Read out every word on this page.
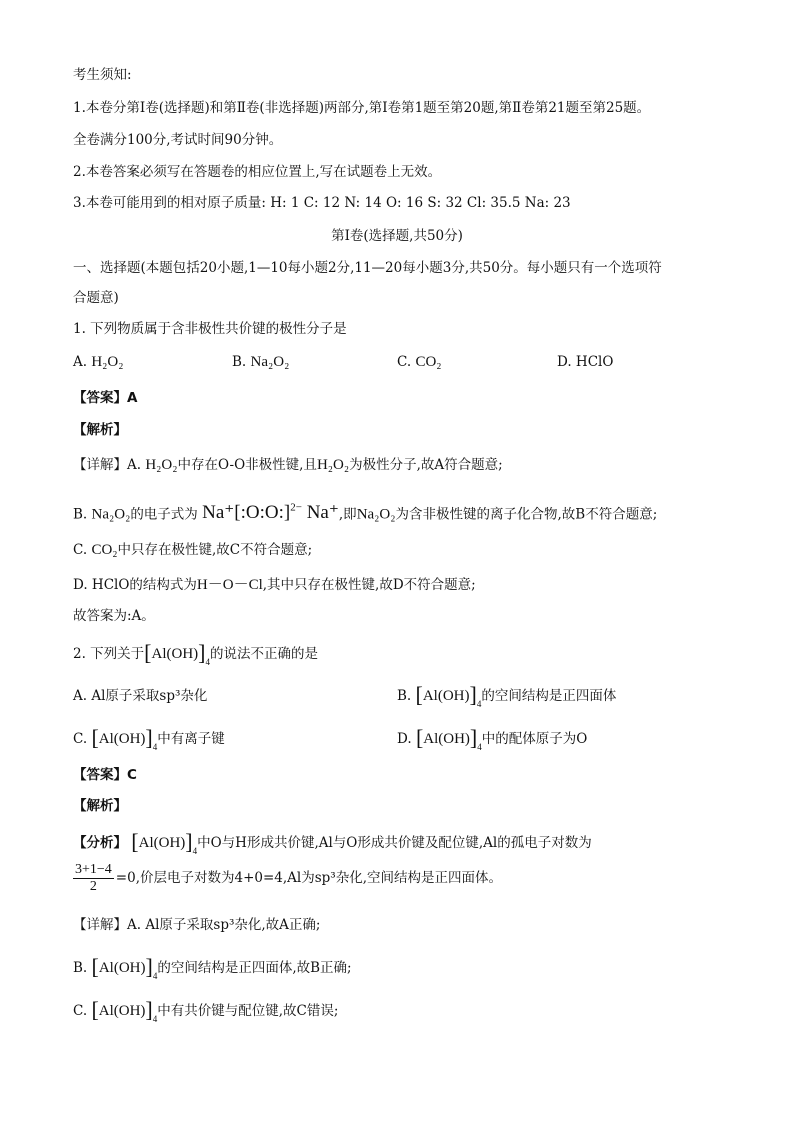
考生须知:
1.本卷分第Ⅰ卷(选择题)和第Ⅱ卷(非选择题)两部分,第Ⅰ卷第1题至第20题,第Ⅱ卷第21题至第25题。
全卷满分100分,考试时间90分钟。
2.本卷答案必须写在答题卷的相应位置上,写在试题卷上无效。
3.本卷可能用到的相对原子质量: H: 1 C: 12 N: 14 O: 16 S: 32 Cl: 35.5 Na: 23
第Ⅰ卷(选择题,共50分)
一、选择题(本题包括20小题,1—10每小题2分,11—20每小题3分,共50分。每小题只有一个选项符
合题意)
1. 下列物质属于含非极性共价键的极性分子是
A. H₂O₂	B. Na₂O₂	C. CO₂	D. HClO
【答案】A
【解析】
【详解】A. H₂O₂中存在O-O非极性键,且H₂O₂为极性分子,故A符合题意;
B. Na₂O₂的电子式为 Na⁺[:O:O:]$^{2-}$ Na⁺,即Na₂O₂为含非极性键的离子化合物,故B不符合题意;
C. CO₂中只存在极性键,故C不符合题意;
D. HClO的结构式为H－O－Cl,其中只存在极性键,故D不符合题意;
故答案为:A。
2. 下列关于$[Al(OH)]_4$的说法不正确的是
A. Al原子采取sp³杂化	B. $[Al(OH)]_4$的空间结构是正四面体
C. $[Al(OH)]_4$中有离子键	D. $[Al(OH)]_4$中的配体原子为O
【答案】C
【解析】
【分析】 $[Al(OH)]_4$中O与H形成共价键,Al与O形成共价键及配位键,Al的孤电子对数为
$\frac{3+1-4}{2} =0$,价层电子对数为4+0=4,Al为sp³杂化,空间结构是正四面体。
【详解】A. Al原子采取sp³杂化,故A正确;
B. $[Al(OH)]_4$的空间结构是正四面体,故B正确;
C. $[Al(OH)]_4$中有共价键与配位键,故C错误;
